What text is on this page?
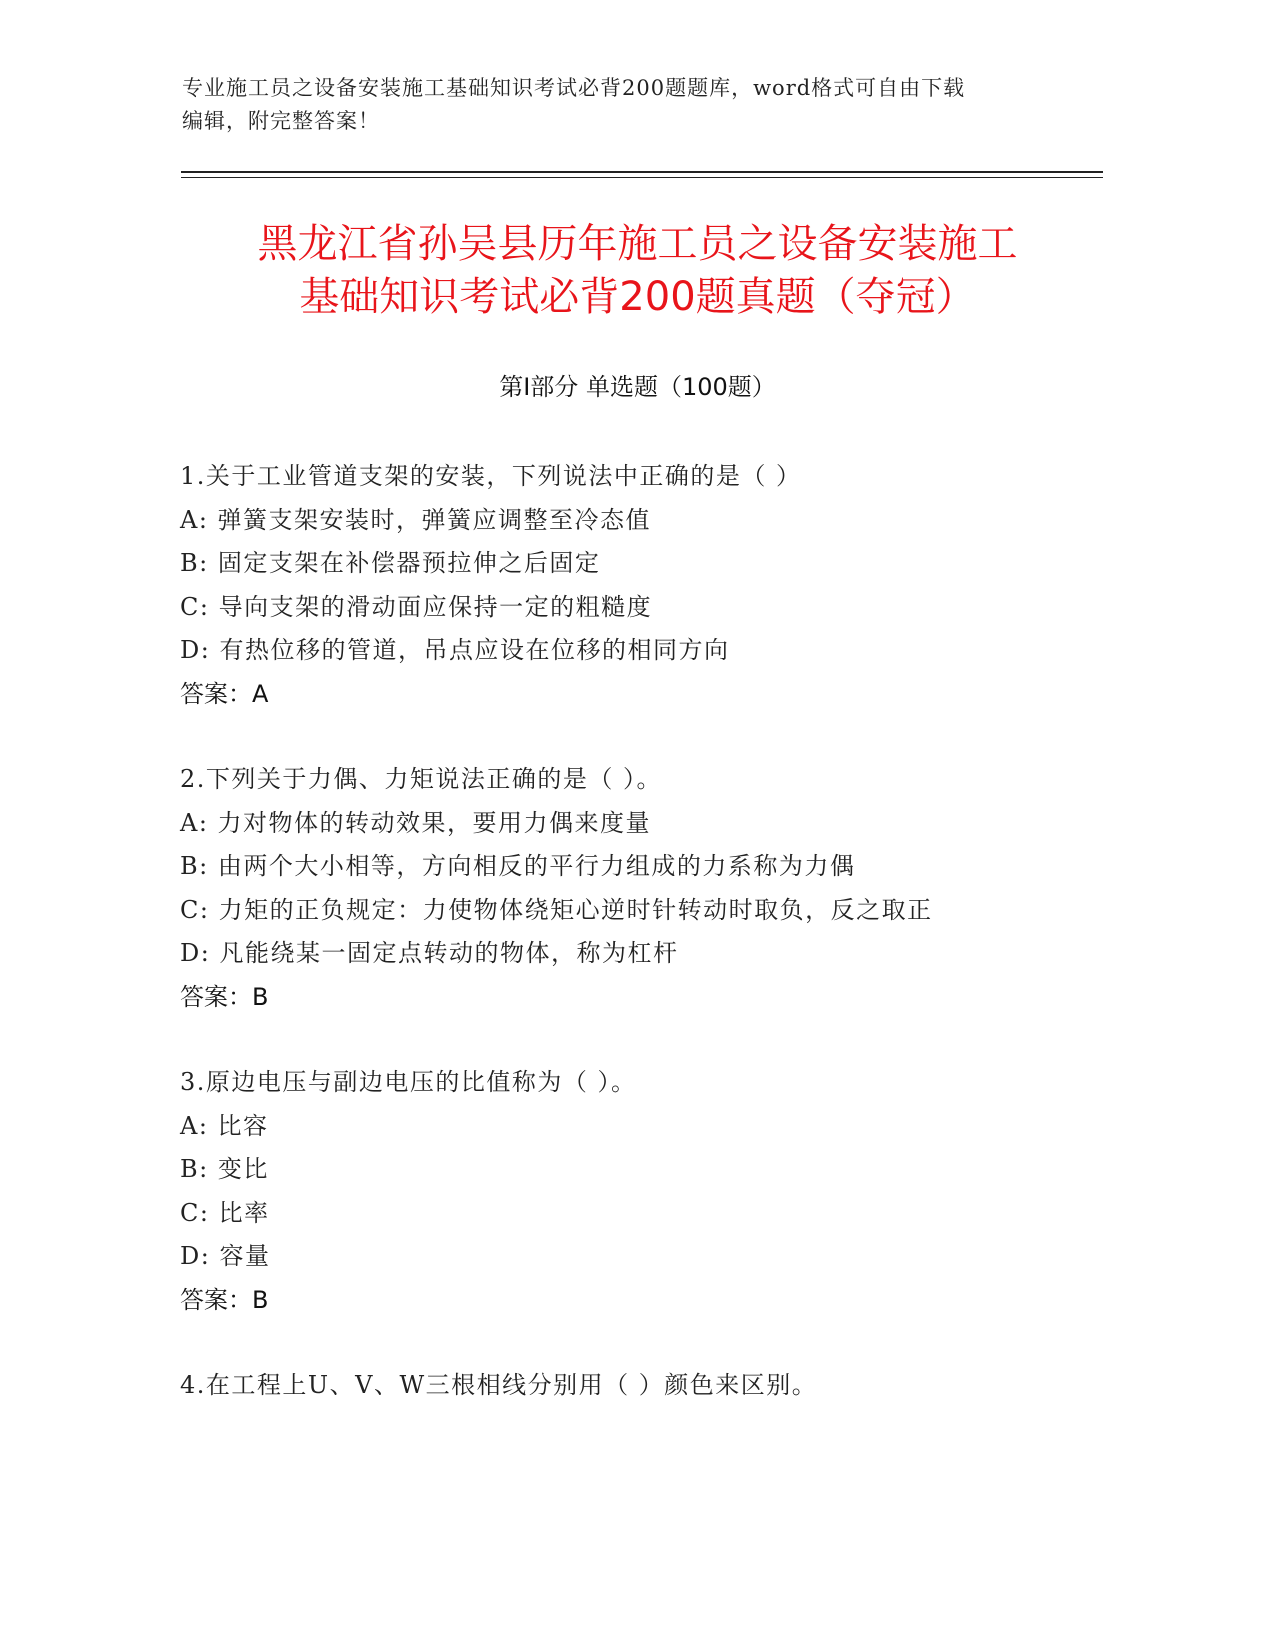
专业施工员之设备安装施工基础知识考试必背200题题库，word格式可自由下载
编辑，附完整答案！
黑龙江省孙吴县历年施工员之设备安装施工
基础知识考试必背200题真题（夺冠）
第Ⅰ部分 单选题（100题）
1.关于工业管道支架的安装，下列说法中正确的是（ ）
A: 弹簧支架安装时，弹簧应调整至冷态值
B: 固定支架在补偿器预拉伸之后固定
C: 导向支架的滑动面应保持一定的粗糙度
D: 有热位移的管道，吊点应设在位移的相同方向
答案：A
2.下列关于力偶、力矩说法正确的是（ ）。
A: 力对物体的转动效果，要用力偶来度量
B: 由两个大小相等，方向相反的平行力组成的力系称为力偶
C: 力矩的正负规定：力使物体绕矩心逆时针转动时取负，反之取正
D: 凡能绕某一固定点转动的物体，称为杠杆
答案：B
3.原边电压与副边电压的比值称为（ ）。
A: 比容
B: 变比
C: 比率
D: 容量
答案：B
4.在工程上U、V、W三根相线分别用（ ）颜色来区别。
